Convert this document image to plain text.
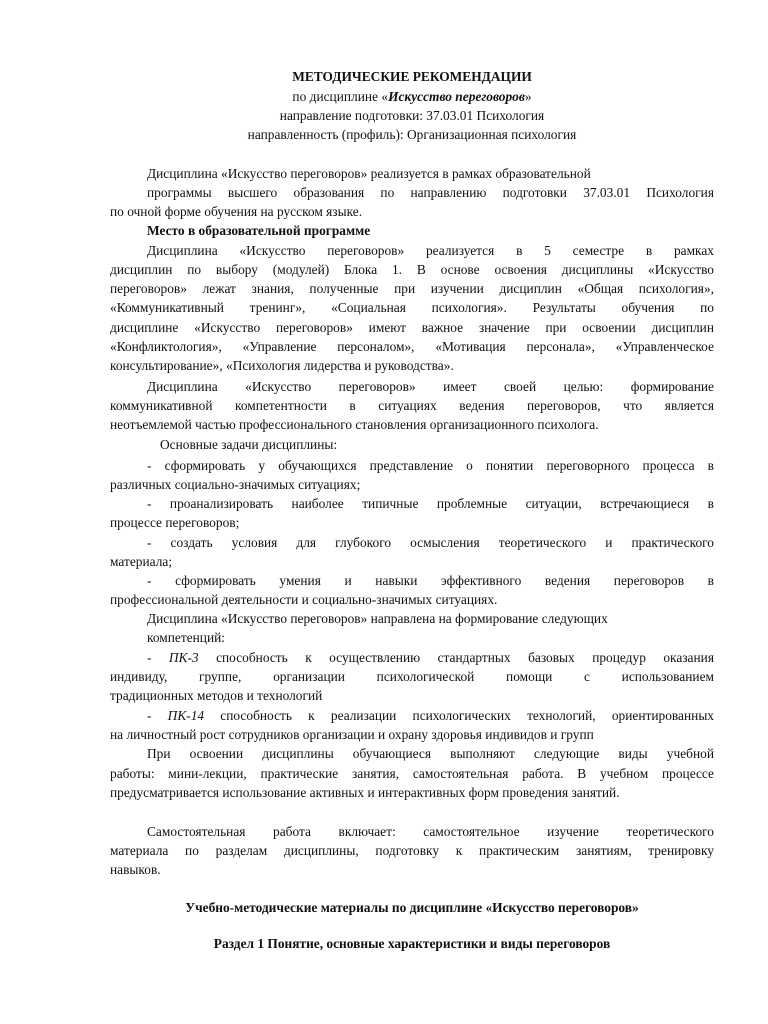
МЕТОДИЧЕСКИЕ РЕКОМЕНДАЦИИ
по дисциплине «Искусство переговоров»
направление подготовки: 37.03.01 Психология
направленность (профиль): Организационная психология
Дисциплина «Искусство переговоров» реализуется в рамках образовательной
программы высшего образования по направлению подготовки 37.03.01 Психология
по очной форме обучения на русском языке.
Место в образовательной программе
Дисциплина «Искусство переговоров» реализуется в 5 семестре в рамках
дисциплин по выбору (модулей) Блока 1. В основе освоения дисциплины «Искусство
переговоров» лежат знания, полученные при изучении дисциплин «Общая психология»,
«Коммуникативный тренинг», «Социальная психология». Результаты обучения по
дисциплине «Искусство переговоров» имеют важное значение при освоении дисциплин
«Конфликтология», «Управление персоналом», «Мотивация персонала», «Управленческое
консультирование», «Психология лидерства и руководства».
Дисциплина «Искусство переговоров» имеет своей целью: формирование
коммуникативной компетентности в ситуациях ведения переговоров, что является
неотъемлемой частью профессионального становления организационного психолога.
Основные задачи дисциплины:
- сформировать у обучающихся представление о понятии переговорного процесса в
различных социально-значимых ситуациях;
- проанализировать наиболее типичные проблемные ситуации, встречающиеся в
процессе переговоров;
- создать условия для глубокого осмысления теоретического и практического
материала;
- сформировать умения и навыки эффективного ведения переговоров в
профессиональной деятельности и социально-значимых ситуациях.
Дисциплина «Искусство переговоров» направлена на формирование следующих
компетенций:
- ПК-3 способность к осуществлению стандартных базовых процедур оказания
индивиду, группе, организации психологической помощи с использованием
традиционных методов и технологий
- ПК-14 способность к реализации психологических технологий, ориентированных
на личностный рост сотрудников организации и охрану здоровья индивидов и групп
При освоении дисциплины обучающиеся выполняют следующие виды учебной
работы: мини-лекции, практические занятия, самостоятельная работа. В учебном процессе
предусматривается использование активных и интерактивных форм проведения занятий.
Самостоятельная работа включает: самостоятельное изучение теоретического
материала по разделам дисциплины, подготовку к практическим занятиям, тренировку
навыков.
Учебно-методические материалы по дисциплине «Искусство переговоров»
Раздел 1 Понятие, основные характеристики и виды переговоров
